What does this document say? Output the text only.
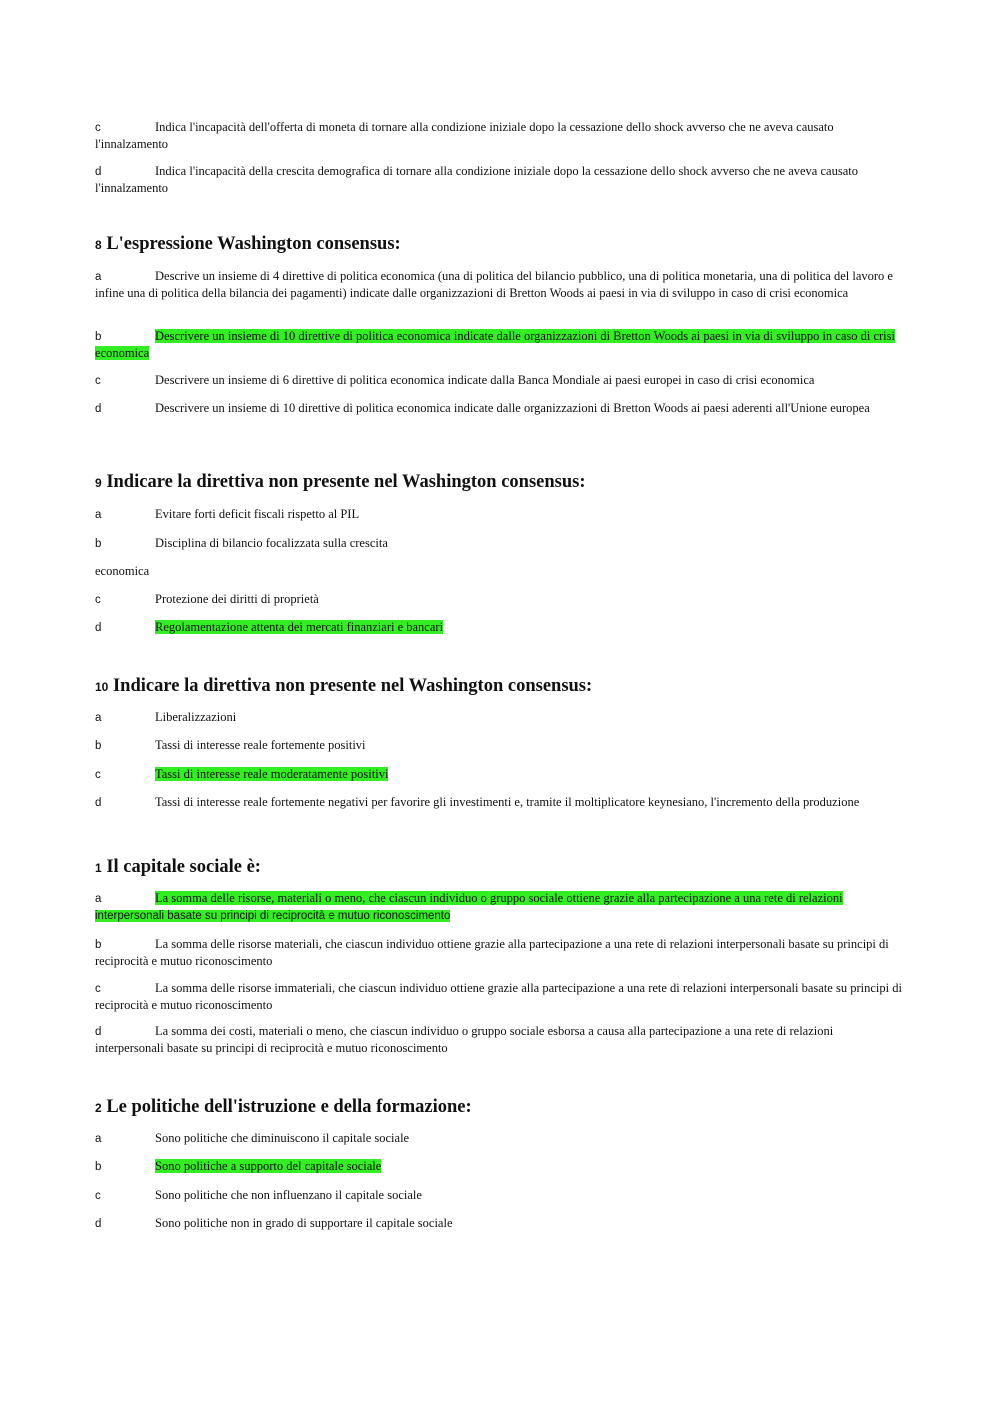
c	Indica l'incapacità dell'offerta di moneta di tornare alla condizione iniziale dopo la cessazione dello shock avverso che ne aveva causato l'innalzamento
d	Indica l'incapacità della crescita demografica di tornare alla condizione iniziale dopo la cessazione dello shock avverso che ne aveva causato l'innalzamento
8 L'espressione Washington consensus:
a	Descrive un insieme di 4 direttive di politica economica (una di politica del bilancio pubblico, una di politica monetaria, una di politica del lavoro e infine una di politica della bilancia dei pagamenti) indicate dalle organizzazioni di Bretton Woods ai paesi in via di sviluppo in caso di crisi economica
b	Descrivere un insieme di 10 direttive di politica economica indicate dalle organizzazioni di Bretton Woods ai paesi in via di sviluppo in caso di crisi economica
c	Descrivere un insieme di 6 direttive di politica economica indicate dalla Banca Mondiale ai paesi europei in caso di crisi economica
d	Descrivere un insieme di 10 direttive di politica economica indicate dalle organizzazioni di Bretton Woods ai paesi aderenti all'Unione europea
9 Indicare la direttiva non presente nel Washington consensus:
a	Evitare forti deficit fiscali rispetto al PIL
b	Disciplina di bilancio focalizzata sulla crescita
economica
c	Protezione dei diritti di proprietà
d	Regolamentazione attenta dei mercati finanziari e bancari
10 Indicare la direttiva non presente nel Washington consensus:
a	Liberalizzazioni
b	Tassi di interesse reale fortemente positivi
c	Tassi di interesse reale moderatamente positivi
d	Tassi di interesse reale fortemente negativi per favorire gli investimenti e, tramite il moltiplicatore keynesiano, l'incremento della produzione
1 Il capitale sociale è:
a	La somma delle risorse, materiali o meno, che ciascun individuo o gruppo sociale ottiene grazie alla partecipazione a una rete di relazioni
interpersonali basate su principi di reciprocità e mutuo riconoscimento
b	La somma delle risorse materiali, che ciascun individuo ottiene grazie alla partecipazione a una rete di relazioni interpersonali basate su principi di reciprocità e mutuo riconoscimento
c	La somma delle risorse immateriali, che ciascun individuo ottiene grazie alla partecipazione a una rete di relazioni interpersonali basate su principi di reciprocità e mutuo riconoscimento
d	La somma dei costi, materiali o meno, che ciascun individuo o gruppo sociale esborsa a causa alla partecipazione a una rete di relazioni interpersonali basate su principi di reciprocità e mutuo riconoscimento
2 Le politiche dell'istruzione e della formazione:
a	Sono politiche che diminuiscono il capitale sociale
b	Sono politiche a supporto del capitale sociale
c	Sono politiche che non influenzano il capitale sociale
d	Sono politiche non in grado di supportare il capitale sociale
